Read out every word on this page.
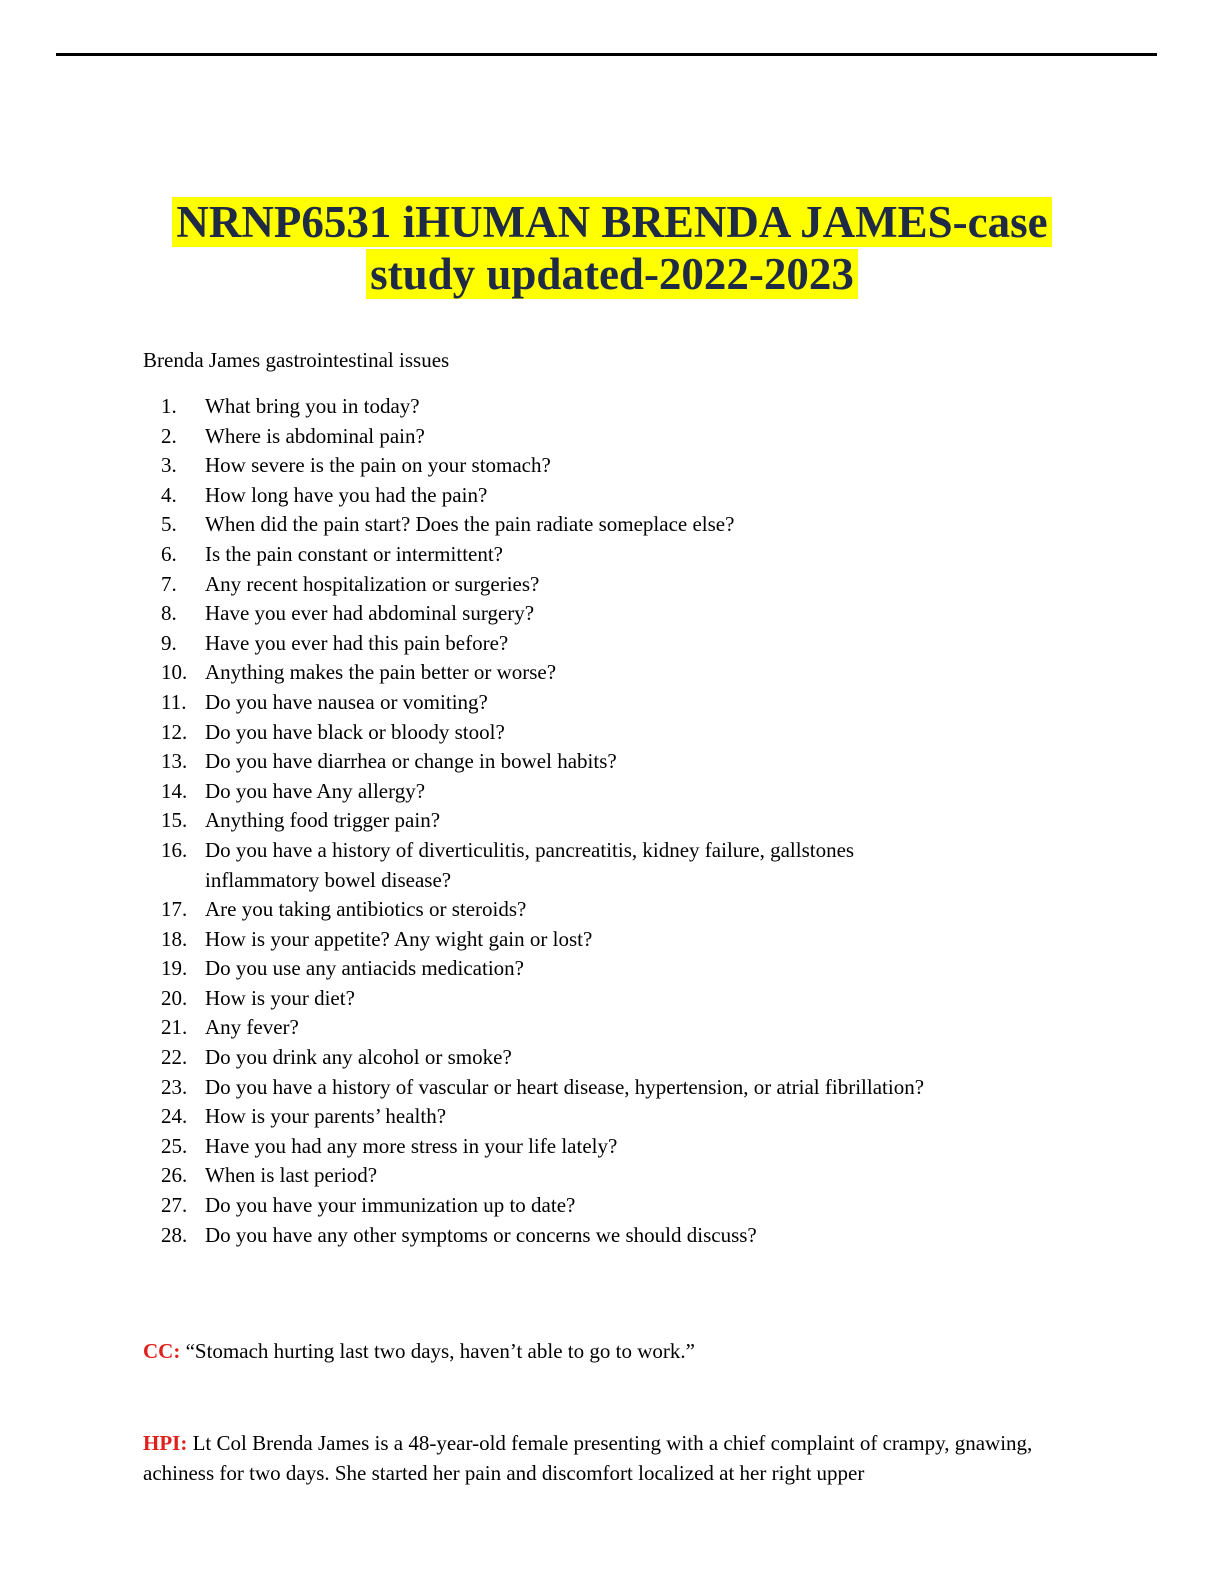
NRNP6531 iHUMAN BRENDA JAMES-case
study updated-2022-2023
Brenda James gastrointestinal issues
1.	What bring you in today?
2.	Where is abdominal pain?
3.	How severe is the pain on your stomach?
4.	How long have you had the pain?
5.	When did the pain start? Does the pain radiate someplace else?
6.	Is the pain constant or intermittent?
7.	Any recent hospitalization or surgeries?
8.	Have you ever had abdominal surgery?
9.	Have you ever had this pain before?
10. Anything makes the pain better or worse?
11. Do you have nausea or vomiting?
12. Do you have black or bloody stool?
13. Do you have diarrhea or change in bowel habits?
14. Do you have Any allergy?
15. Anything food trigger pain?
16. Do you have a history of diverticulitis, pancreatitis, kidney failure, gallstones
inflammatory bowel disease?
17. Are you taking antibiotics or steroids?
18. How is your appetite? Any wight gain or lost?
19. Do you use any antiacids medication?
20. How is your diet?
21. Any fever?
22. Do you drink any alcohol or smoke?
23. Do you have a history of vascular or heart disease, hypertension, or atrial fibrillation?
24. How is your parents’ health?
25. Have you had any more stress in your life lately?
26. When is last period?
27. Do you have your immunization up to date?
28. Do you have any other symptoms or concerns we should discuss?
CC: “Stomach hurting last two days, haven’t able to go to work.”
HPI: Lt Col Brenda James is a 48-year-old female presenting with a chief complaint of crampy, gnawing, achiness for two days. She started her pain and discomfort localized at her right upper
